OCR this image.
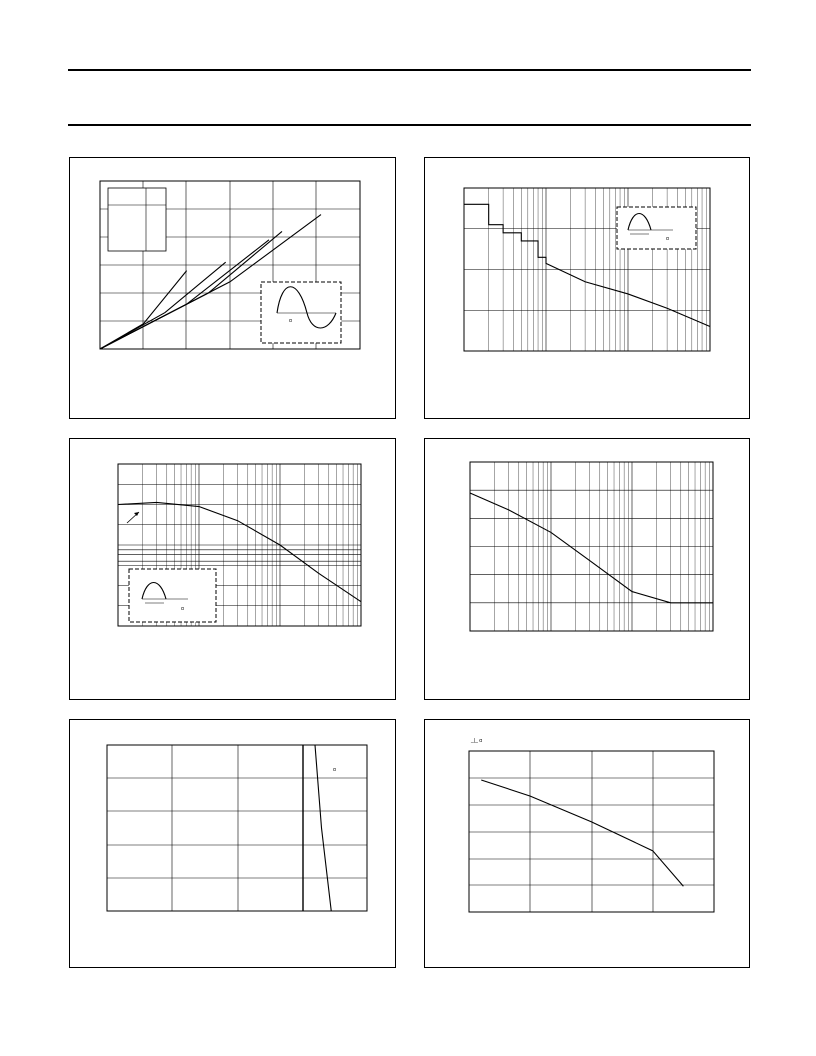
α
α
α
α
_|_ α
